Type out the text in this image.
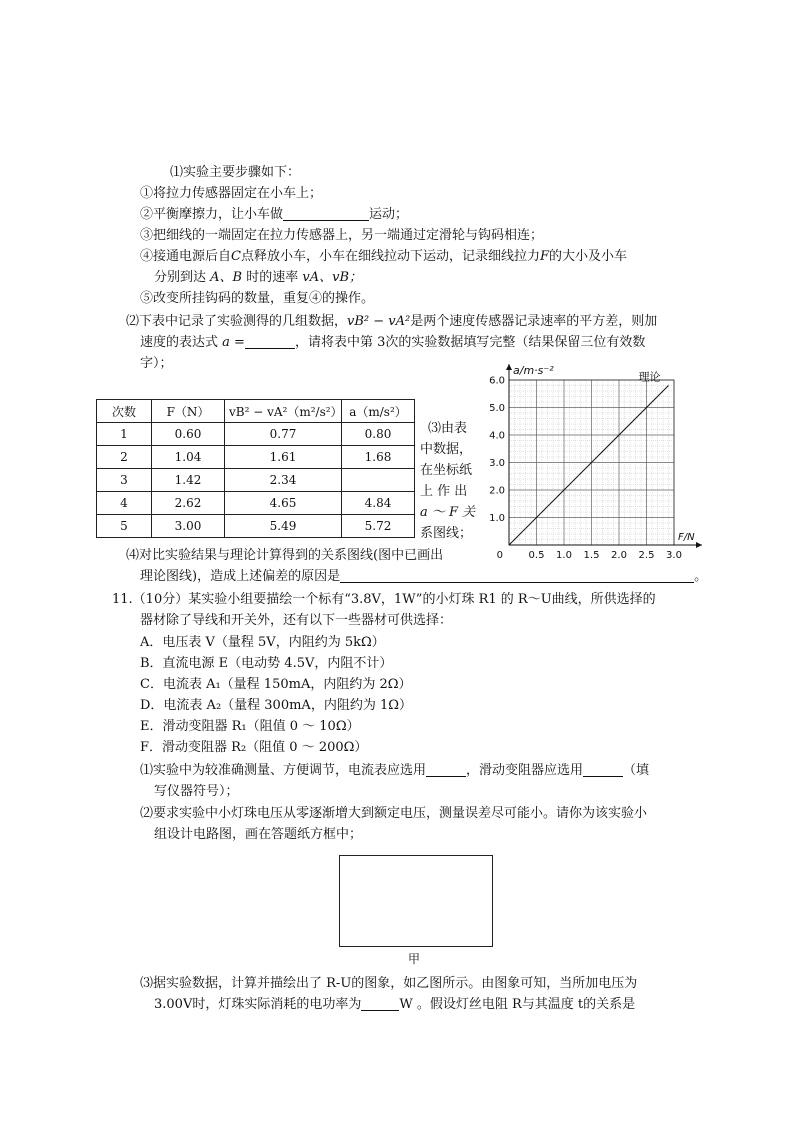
⑴实验主要步骤如下：
①将拉力传感器固定在小车上；
②平衡摩擦力，让小车做	运动；
③把细线的一端固定在拉力传感器上，另一端通过定滑轮与钩码相连；
④接通电源后自C点释放小车，小车在细线拉动下运动，记录细线拉力F的大小及小车
分别到达 A、B 时的速率 vA、vB；
⑤改变所挂钩码的数量，重复④的操作。
⑵下表中记录了实验测得的几组数据，vB² − vA²是两个速度传感器记录速率的平方差，则加
速度的表达式 a =	，请将表中第 3次的实验数据填写完整（结果保留三位有效数
字）；
次数	F（N）	vB² − vA²（m²/s²）	a（m/s²）
1	0.60	0.77	0.80
2	1.04	1.61	1.68
3	1.42	2.34	
4	2.62	4.65	4.84
5	3.00	5.49	5.72
⑶由表
中数据，
在坐标纸
上 作 出
a ～ F 关
系图线；
0.5 1.0 1.5 2.0 2.5 3.0
1.0
2.0
3.0
4.0
5.0
6.0
0
a/m·s⁻²
F/N
理论
⑷对比实验结果与理论计算得到的关系图线(图中已画出
理论图线)，造成上述偏差的原因是	。
11.（10分）某实验小组要描绘一个标有“3.8V，1W”的小灯珠 R1 的 R～U曲线，所供选择的
器材除了导线和开关外，还有以下一些器材可供选择：
A．电压表 V（量程 5V，内阻约为 5kΩ）
B．直流电源 E（电动势 4.5V，内阻不计）
C．电流表 A₁（量程 150mA，内阻约为 2Ω）
D．电流表 A₂（量程 300mA，内阻约为 1Ω）
E．滑动变阻器 R₁（阻值 0 ～ 10Ω）
F．滑动变阻器 R₂（阻值 0 ～ 200Ω）
⑴实验中为较准确测量、方便调节，电流表应选用	，滑动变阻器应选用	（填
写仪器符号）；
⑵要求实验中小灯珠电压从零逐渐增大到额定电压，测量误差尽可能小。请你为该实验小
组设计电路图，画在答题纸方框中；
甲
⑶据实验数据，计算并描绘出了 R-U的图象，如乙图所示。由图象可知，当所加电压为
3.00V时，灯珠实际消耗的电功率为	W 。假设灯丝电阻 R与其温度 t的关系是
